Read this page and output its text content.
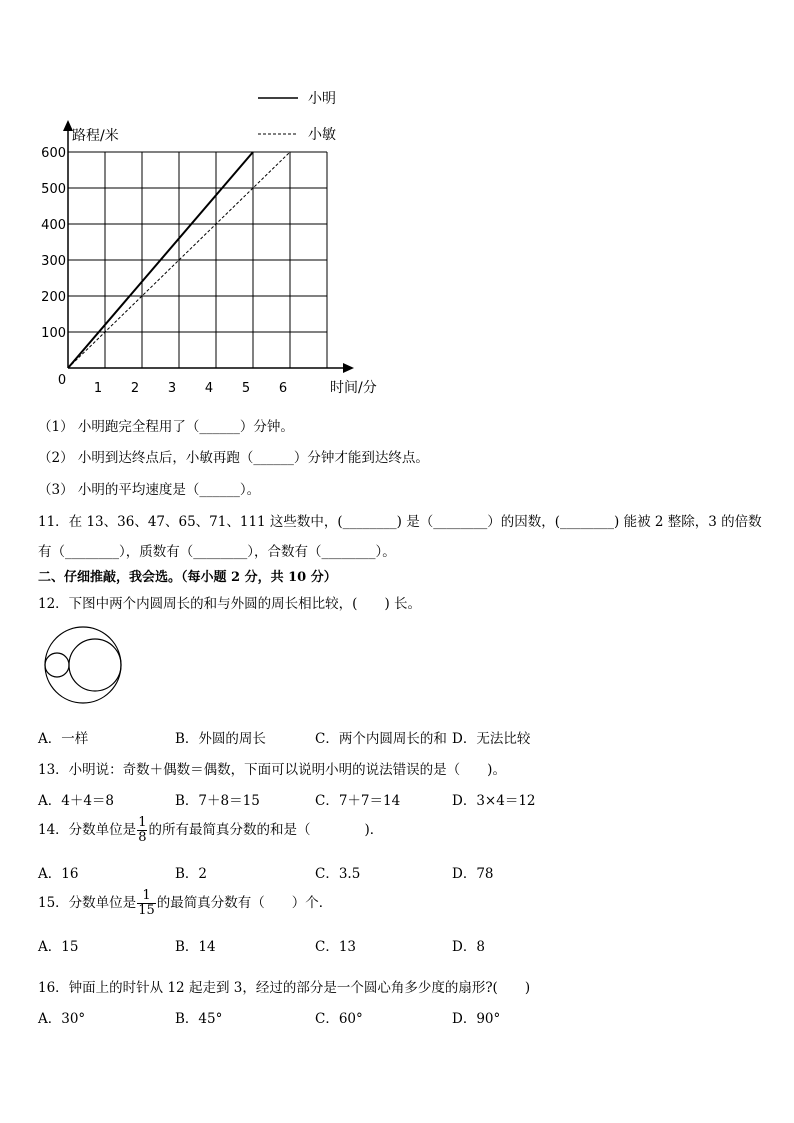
1 2 3 4 5 6
100
200
300
400
500
600
0
路程/米
时间/分
小明
小敏
（1） 小明跑完全程用了（______）分钟。
（2） 小明到达终点后，小敏再跑（______）分钟才能到达终点。
（3） 小明的平均速度是（______）。
11．在 13、36、47、65、71、111 这些数中，(________) 是（________）的因数，(________) 能被 2 整除，3 的倍数
有（________），质数有（________），合数有（________）。
二、仔细推敲，我会选。（每小题 2 分，共 10 分）
12．下图中两个内圆周长的和与外圆的周长相比较，(　　) 长。
A．一样	B．外圆的周长	C．两个内圆周长的和 D．无法比较
13．小明说：奇数＋偶数＝偶数，下面可以说明小明的说法错误的是（　　)。
A．4＋4＝8	B．7＋8＝15	C．7＋7＝14	D．3×4＝12
14．分数单位是 $\frac{1}{8}$ 的所有最简真分数的和是（　　　　)．
A．16	B．2	C．3.5	D．78
15．分数单位是 $\frac{1}{15}$ 的最简真分数有（　　）个．
A．15	B．14	C．13	D．8
16．钟面上的时针从 12 起走到 3，经过的部分是一个圆心角多少度的扇形?(　　)
A．30°	B．45°	C．60°	D．90°
